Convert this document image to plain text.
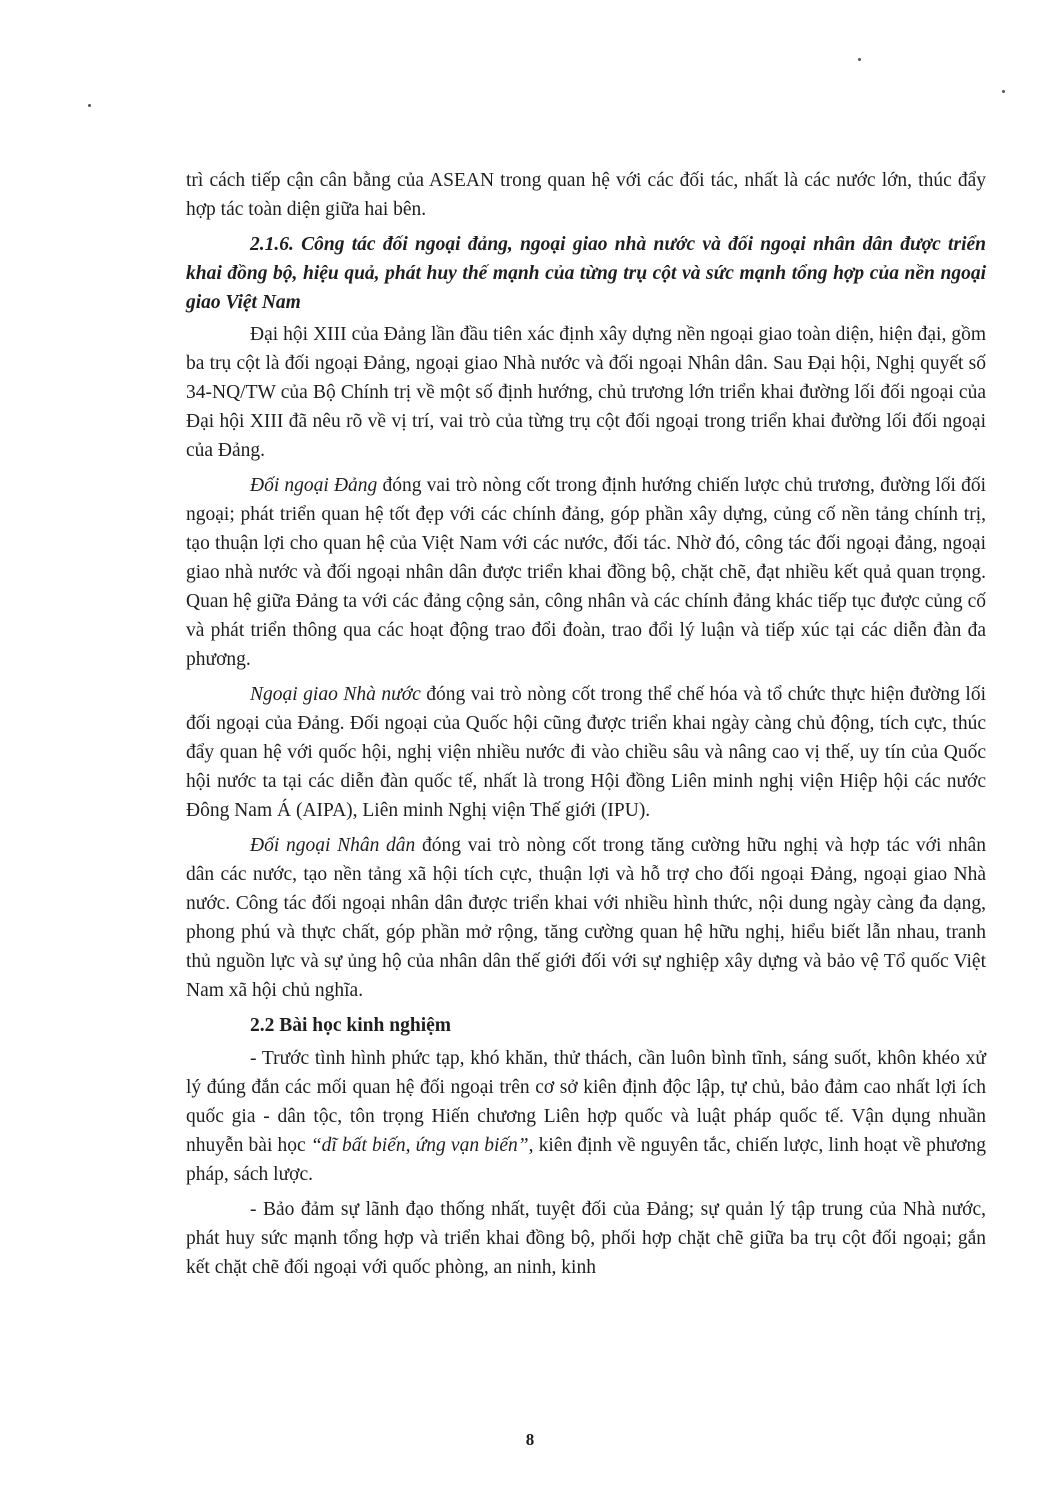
trì cách tiếp cận cân bằng của ASEAN trong quan hệ với các đối tác, nhất là các nước lớn, thúc đẩy hợp tác toàn diện giữa hai bên.

2.1.6. Công tác đối ngoại đảng, ngoại giao nhà nước và đối ngoại nhân dân được triển khai đồng bộ, hiệu quả, phát huy thế mạnh của từng trụ cột và sức mạnh tổng hợp của nền ngoại giao Việt Nam

Đại hội XIII của Đảng lần đầu tiên xác định xây dựng nền ngoại giao toàn diện, hiện đại, gồm ba trụ cột là đối ngoại Đảng, ngoại giao Nhà nước và đối ngoại Nhân dân. Sau Đại hội, Nghị quyết số 34-NQ/TW của Bộ Chính trị về một số định hướng, chủ trương lớn triển khai đường lối đối ngoại của Đại hội XIII đã nêu rõ về vị trí, vai trò của từng trụ cột đối ngoại trong triển khai đường lối đối ngoại của Đảng.

Đối ngoại Đảng đóng vai trò nòng cốt trong định hướng chiến lược chủ trương, đường lối đối ngoại; phát triển quan hệ tốt đẹp với các chính đảng, góp phần xây dựng, củng cố nền tảng chính trị, tạo thuận lợi cho quan hệ của Việt Nam với các nước, đối tác. Nhờ đó, công tác đối ngoại đảng, ngoại giao nhà nước và đối ngoại nhân dân được triển khai đồng bộ, chặt chẽ, đạt nhiều kết quả quan trọng. Quan hệ giữa Đảng ta với các đảng cộng sản, công nhân và các chính đảng khác tiếp tục được củng cố và phát triển thông qua các hoạt động trao đổi đoàn, trao đổi lý luận và tiếp xúc tại các diễn đàn đa phương.

Ngoại giao Nhà nước đóng vai trò nòng cốt trong thể chế hóa và tổ chức thực hiện đường lối đối ngoại của Đảng. Đối ngoại của Quốc hội cũng được triển khai ngày càng chủ động, tích cực, thúc đẩy quan hệ với quốc hội, nghị viện nhiều nước đi vào chiều sâu và nâng cao vị thế, uy tín của Quốc hội nước ta tại các diễn đàn quốc tế, nhất là trong Hội đồng Liên minh nghị viện Hiệp hội các nước Đông Nam Á (AIPA), Liên minh Nghị viện Thế giới (IPU).

Đối ngoại Nhân dân đóng vai trò nòng cốt trong tăng cường hữu nghị và hợp tác với nhân dân các nước, tạo nền tảng xã hội tích cực, thuận lợi và hỗ trợ cho đối ngoại Đảng, ngoại giao Nhà nước. Công tác đối ngoại nhân dân được triển khai với nhiều hình thức, nội dung ngày càng đa dạng, phong phú và thực chất, góp phần mở rộng, tăng cường quan hệ hữu nghị, hiểu biết lẫn nhau, tranh thủ nguồn lực và sự ủng hộ của nhân dân thế giới đối với sự nghiệp xây dựng và bảo vệ Tổ quốc Việt Nam xã hội chủ nghĩa.

2.2 Bài học kinh nghiệm

- Trước tình hình phức tạp, khó khăn, thử thách, cần luôn bình tĩnh, sáng suốt, khôn khéo xử lý đúng đắn các mối quan hệ đối ngoại trên cơ sở kiên định độc lập, tự chủ, bảo đảm cao nhất lợi ích quốc gia - dân tộc, tôn trọng Hiến chương Liên hợp quốc và luật pháp quốc tế. Vận dụng nhuần nhuyễn bài học “dĩ bất biến, ứng vạn biến”, kiên định về nguyên tắc, chiến lược, linh hoạt về phương pháp, sách lược.

- Bảo đảm sự lãnh đạo thống nhất, tuyệt đối của Đảng; sự quản lý tập trung của Nhà nước, phát huy sức mạnh tổng hợp và triển khai đồng bộ, phối hợp chặt chẽ giữa ba trụ cột đối ngoại; gắn kết chặt chẽ đối ngoại với quốc phòng, an ninh, kinh

8
